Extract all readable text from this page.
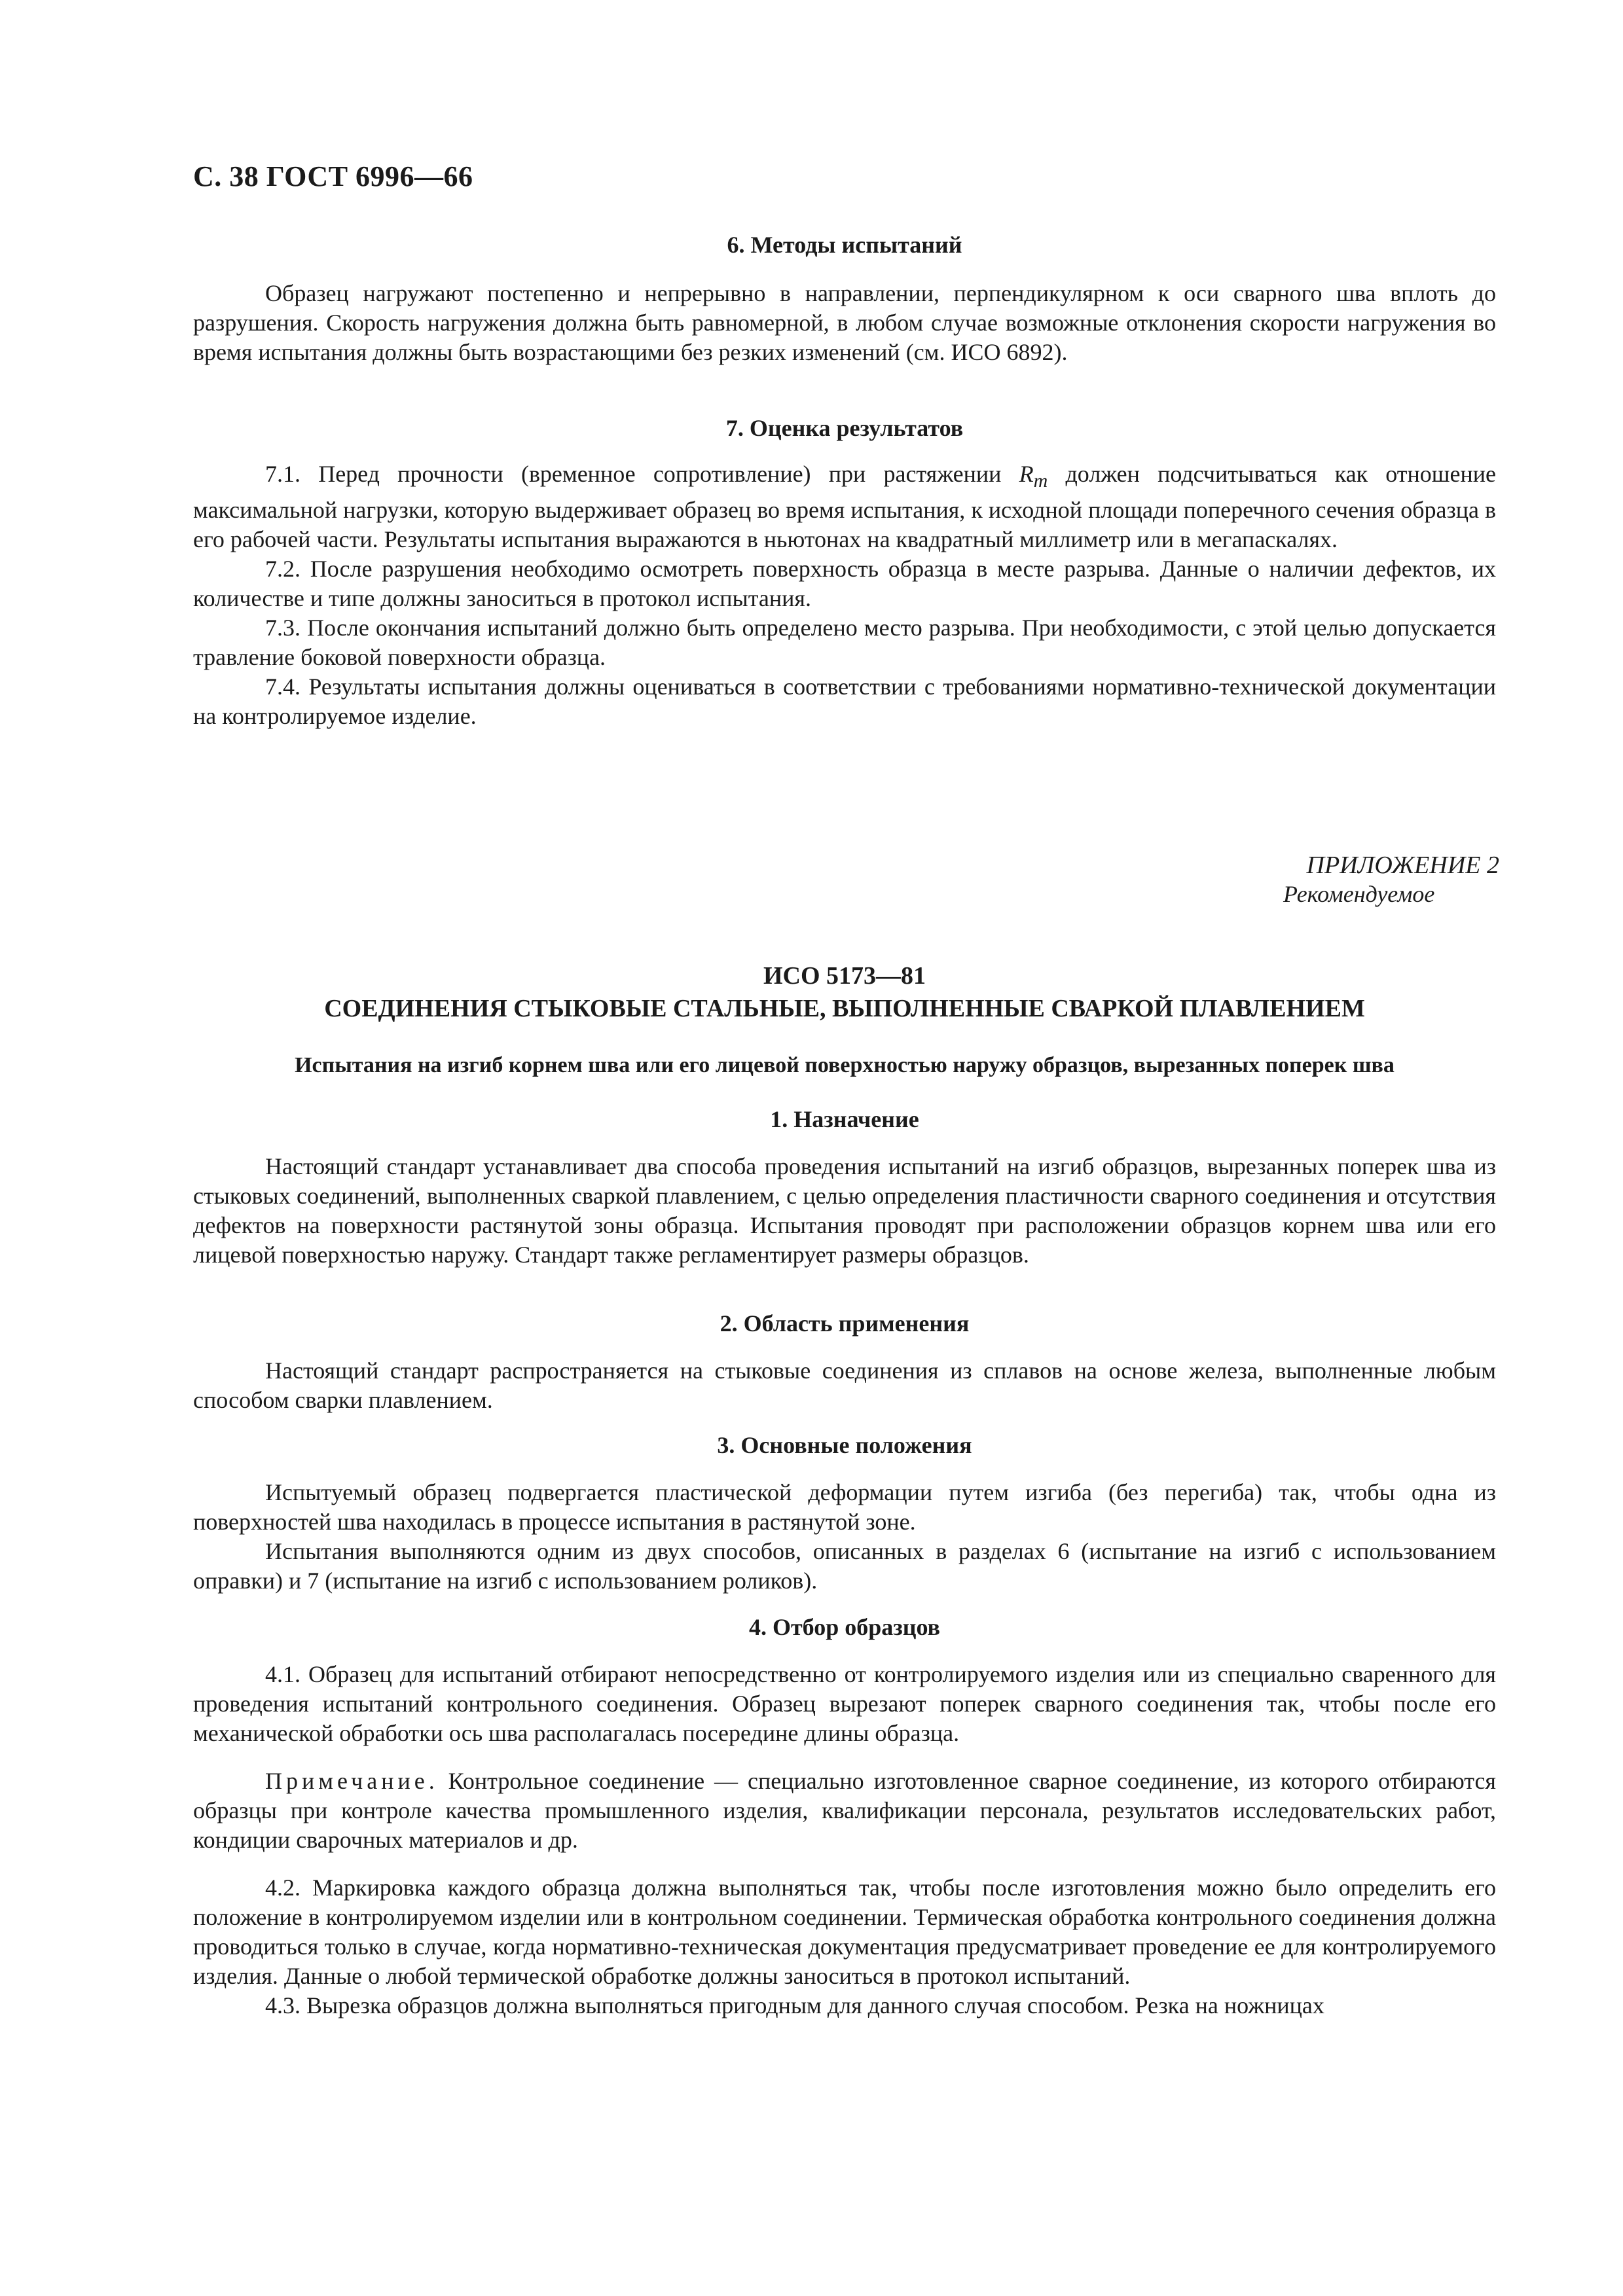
С. 38 ГОСТ 6996—66

6. Методы испытаний

Образец нагружают постепенно и непрерывно в направлении, перпендикулярном к оси сварного шва вплоть до разрушения. Скорость нагружения должна быть равномерной, в любом случае возможные отклонения скорости нагружения во время испытания должны быть возрастающими без резких изменений (см. ИСО 6892).

7. Оценка результатов

7.1. Перед прочности (временное сопротивление) при растяжении $R_m$ должен подсчитываться как отношение максимальной нагрузки, которую выдерживает образец во время испытания, к исходной площади поперечного сечения образца в его рабочей части. Результаты испытания выражаются в ньютонах на квадратный миллиметр или в мегапаскалях.

7.2. После разрушения необходимо осмотреть поверхность образца в месте разрыва. Данные о наличии дефектов, их количестве и типе должны заноситься в протокол испытания.

7.3. После окончания испытаний должно быть определено место разрыва. При необходимости, с этой целью допускается травление боковой поверхности образца.

7.4. Результаты испытания должны оцениваться в соответствии с требованиями нормативно-технической документации на контролируемое изделие.

ПРИЛОЖЕНИЕ 2
Рекомендуемое

ИСО 5173—81

СОЕДИНЕНИЯ СТЫКОВЫЕ СТАЛЬНЫЕ, ВЫПОЛНЕННЫЕ СВАРКОЙ ПЛАВЛЕНИЕМ

Испытания на изгиб корнем шва или его лицевой поверхностью наружу образцов, вырезанных поперек шва

1. Назначение

Настоящий стандарт устанавливает два способа проведения испытаний на изгиб образцов, вырезанных поперек шва из стыковых соединений, выполненных сваркой плавлением, с целью определения пластичности сварного соединения и отсутствия дефектов на поверхности растянутой зоны образца. Испытания проводят при расположении образцов корнем шва или его лицевой поверхностью наружу. Стандарт также регламентирует размеры образцов.

2. Область применения

Настоящий стандарт распространяется на стыковые соединения из сплавов на основе железа, выполненные любым способом сварки плавлением.

3. Основные положения

Испытуемый образец подвергается пластической деформации путем изгиба (без перегиба) так, чтобы одна из поверхностей шва находилась в процессе испытания в растянутой зоне.

Испытания выполняются одним из двух способов, описанных в разделах 6 (испытание на изгиб с использованием оправки) и 7 (испытание на изгиб с использованием роликов).

4. Отбор образцов

4.1. Образец для испытаний отбирают непосредственно от контролируемого изделия или из специально сваренного для проведения испытаний контрольного соединения. Образец вырезают поперек сварного соединения так, чтобы после его механической обработки ось шва располагалась посередине длины образца.

Примечание. Контрольное соединение — специально изготовленное сварное соединение, из которого отбираются образцы при контроле качества промышленного изделия, квалификации персонала, результатов исследовательских работ, кондиции сварочных материалов и др.

4.2. Маркировка каждого образца должна выполняться так, чтобы после изготовления можно было определить его положение в контролируемом изделии или в контрольном соединении. Термическая обработка контрольного соединения должна проводиться только в случае, когда нормативно-техническая документация предусматривает проведение ее для контролируемого изделия. Данные о любой термической обработке должны заноситься в протокол испытаний.

4.3. Вырезка образцов должна выполняться пригодным для данного случая способом. Резка на ножницах
